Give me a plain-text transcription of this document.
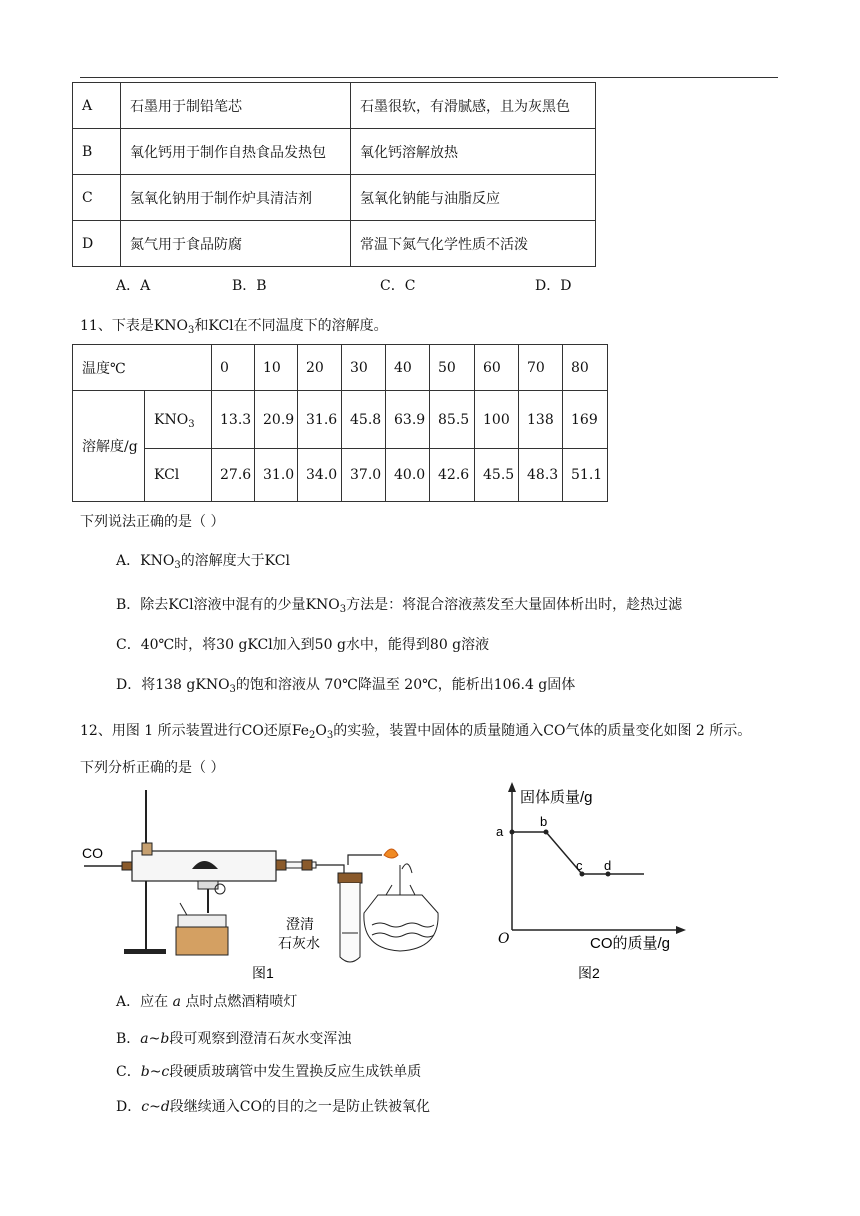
A	石墨用于制铅笔芯	石墨很软，有滑腻感，且为灰黑色
B	氧化钙用于制作自热食品发热包	氧化钙溶解放热
C	氢氧化钠用于制作炉具清洁剂	氢氧化钠能与油脂反应
D	氮气用于食品防腐	常温下氮气化学性质不活泼
A．A	B．B	C．C	D．D
11、下表是$KNO_3$和KCl在不同温度下的溶解度。
温度℃		0	10	20	30	40	50	60	70	80
溶解度/g	$KNO_3$	13.3	20.9	31.6	45.8	63.9	85.5	100	138	169
	KCl	27.6	31.0	34.0	37.0	40.0	42.6	45.5	48.3	51.1
下列说法正确的是（ ）
A．$KNO_3$的溶解度大于KCl
B．除去KCl溶液中混有的少量$KNO_3$方法是：将混合溶液蒸发至大量固体析出时，趁热过滤
C．40℃时，将30 gKCl加入到50 g水中，能得到80 g溶液
D．将138 gKNO$_3$的饱和溶液从 70℃降温至 20℃，能析出106.4 g固体
12、用图 1 所示装置进行CO还原$Fe_2O_3$的实验，装置中固体的质量随通入CO气体的质量变化如图 2 所示。
下列分析正确的是（ ）
CO
澄清
石灰水
图1
固体质量/g
CO的质量/g
O
a
b
c d
图2
A．应在 a 点时点燃酒精喷灯
B．a~b段可观察到澄清石灰水变浑浊
C．b~c段硬质玻璃管中发生置换反应生成铁单质
D．c~d段继续通入CO的目的之一是防止铁被氧化
